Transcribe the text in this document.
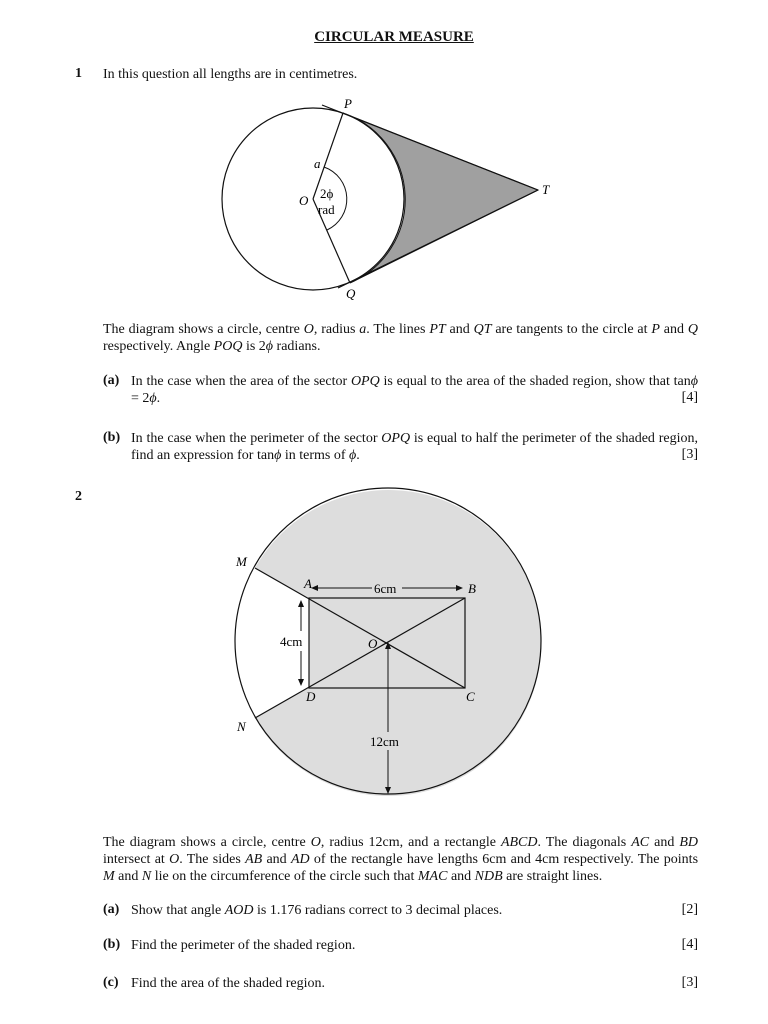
CIRCULAR MEASURE
1 In this question all lengths are in centimetres.
P
Q
T
O
a
2ϕ
rad
The diagram shows a circle, centre O, radius a. The lines PT and QT are tangents to the circle at P and Q respectively. Angle POQ is 2ϕ radians.
(a) In the case when the area of the sector OPQ is equal to the area of the shaded region, show that tanϕ = 2ϕ.	[4]
(b) In the case when the perimeter of the sector OPQ is equal to half the perimeter of the shaded region, find an expression for tanϕ in terms of ϕ.	[3]
2
6cm
4cm
12cm
M
N
A	B
C
D
O
The diagram shows a circle, centre O, radius 12cm, and a rectangle ABCD. The diagonals AC and BD intersect at O. The sides AB and AD of the rectangle have lengths 6cm and 4cm respectively. The points M and N lie on the circumference of the circle such that MAC and NDB are straight lines.
(a) Show that angle AOD is 1.176 radians correct to 3 decimal places.	[2]
(b) Find the perimeter of the shaded region.	[4]
(c) Find the area of the shaded region.	[3]
